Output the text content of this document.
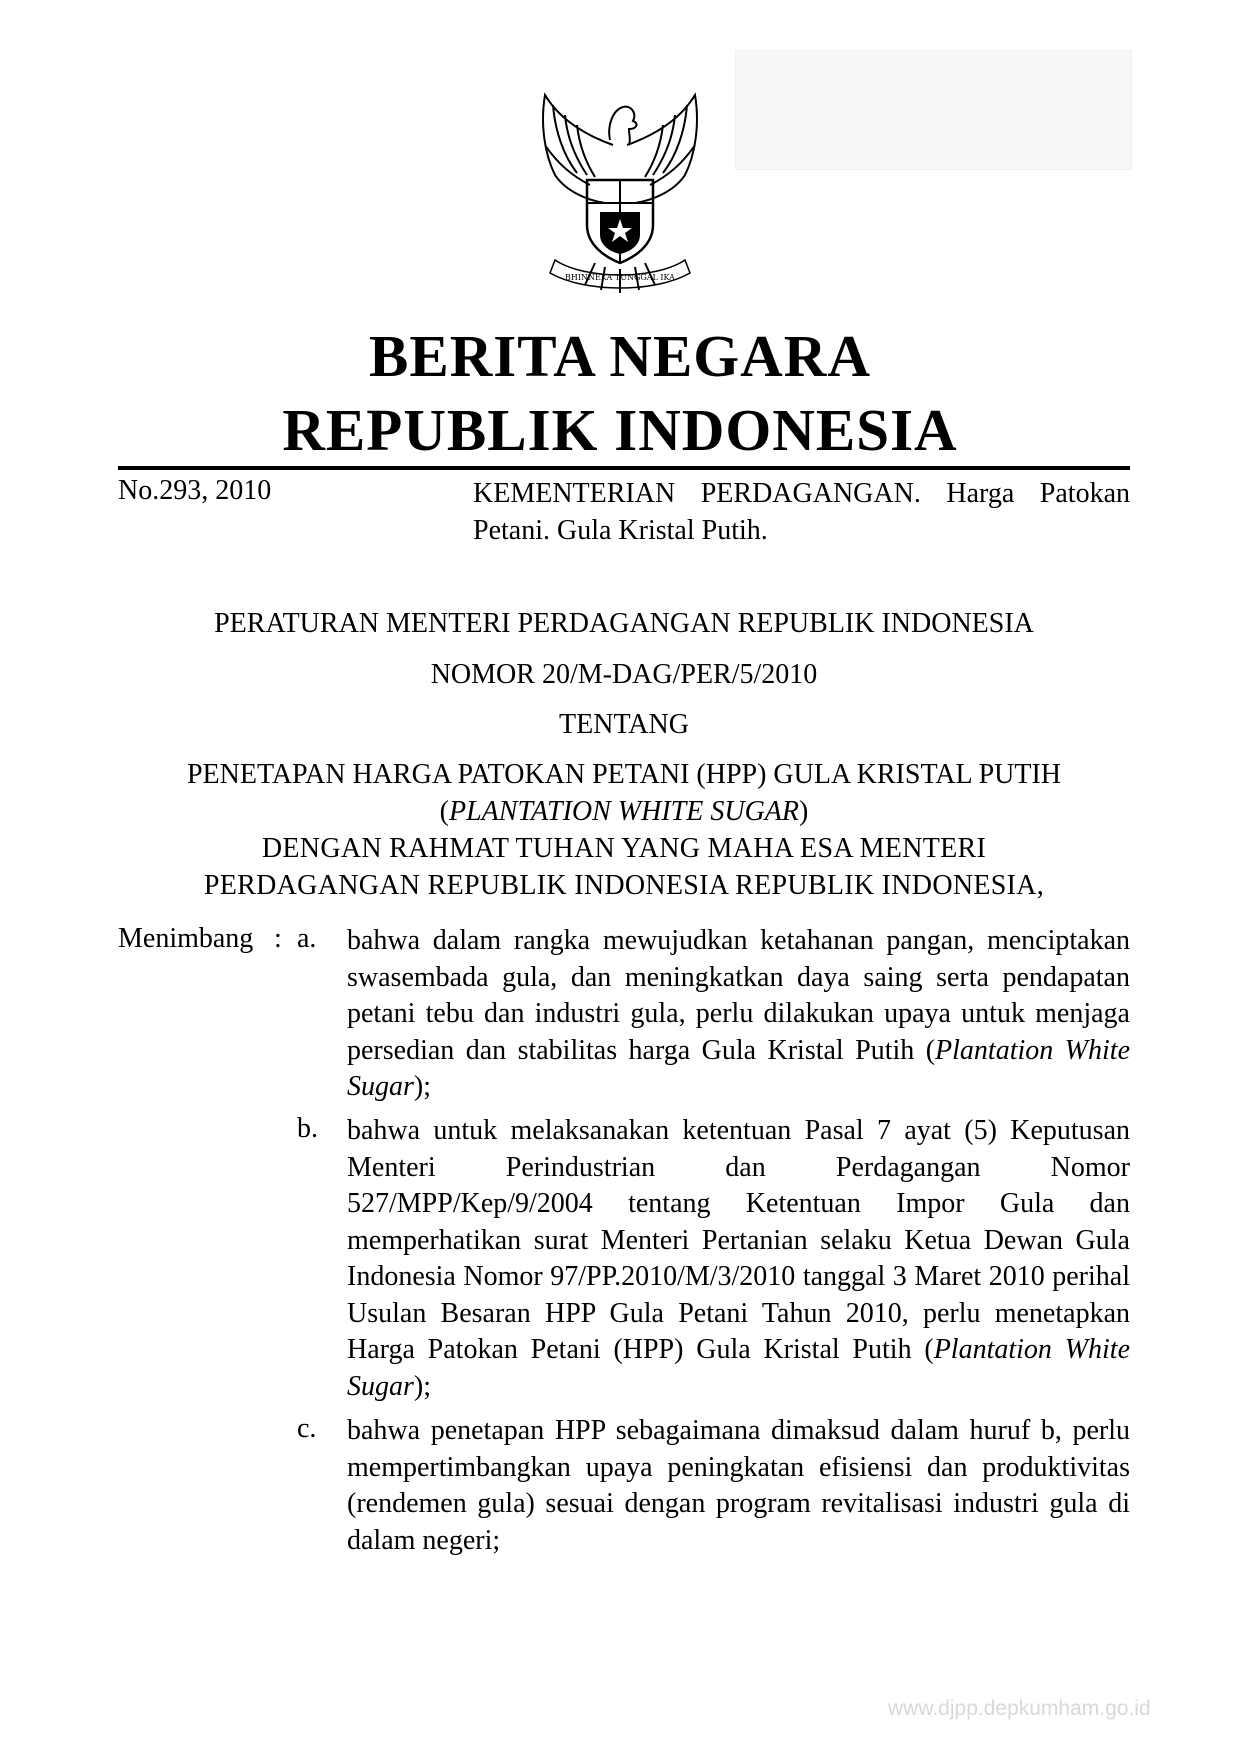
BHINNEKA TUNGGAL IKA
BERITA NEGARA
REPUBLIK INDONESIA
No.293, 2010	KEMENTERIAN PERDAGANGAN. Harga Patokan Petani. Gula Kristal Putih.
PERATURAN MENTERI PERDAGANGAN REPUBLIK INDONESIA
NOMOR 20/M-DAG/PER/5/2010
TENTANG
PENETAPAN HARGA PATOKAN PETANI (HPP) GULA KRISTAL PUTIH
(PLANTATION WHITE SUGAR)
DENGAN RAHMAT TUHAN YANG MAHA ESA MENTERI
PERDAGANGAN REPUBLIK INDONESIA REPUBLIK INDONESIA,
Menimbang : a. bahwa dalam rangka mewujudkan ketahanan pangan, menciptakan swasembada gula, dan meningkatkan daya saing serta pendapatan petani tebu dan industri gula, perlu dilakukan upaya untuk menjaga persedian dan stabilitas harga Gula Kristal Putih (Plantation White Sugar);
b. bahwa untuk melaksanakan ketentuan Pasal 7 ayat (5) Keputusan Menteri Perindustrian dan Perdagangan Nomor 527/MPP/Kep/9/2004 tentang Ketentuan Impor Gula dan memperhatikan surat Menteri Pertanian selaku Ketua Dewan Gula Indonesia Nomor 97/PP.2010/M/3/2010 tanggal 3 Maret 2010 perihal Usulan Besaran HPP Gula Petani Tahun 2010, perlu menetapkan Harga Patokan Petani (HPP) Gula Kristal Putih (Plantation White Sugar);
c. bahwa penetapan HPP sebagaimana dimaksud dalam huruf b, perlu mempertimbangkan upaya peningkatan efisiensi dan produktivitas (rendemen gula) sesuai dengan program revitalisasi industri gula di dalam negeri;
www.djpp.depkumham.go.id
